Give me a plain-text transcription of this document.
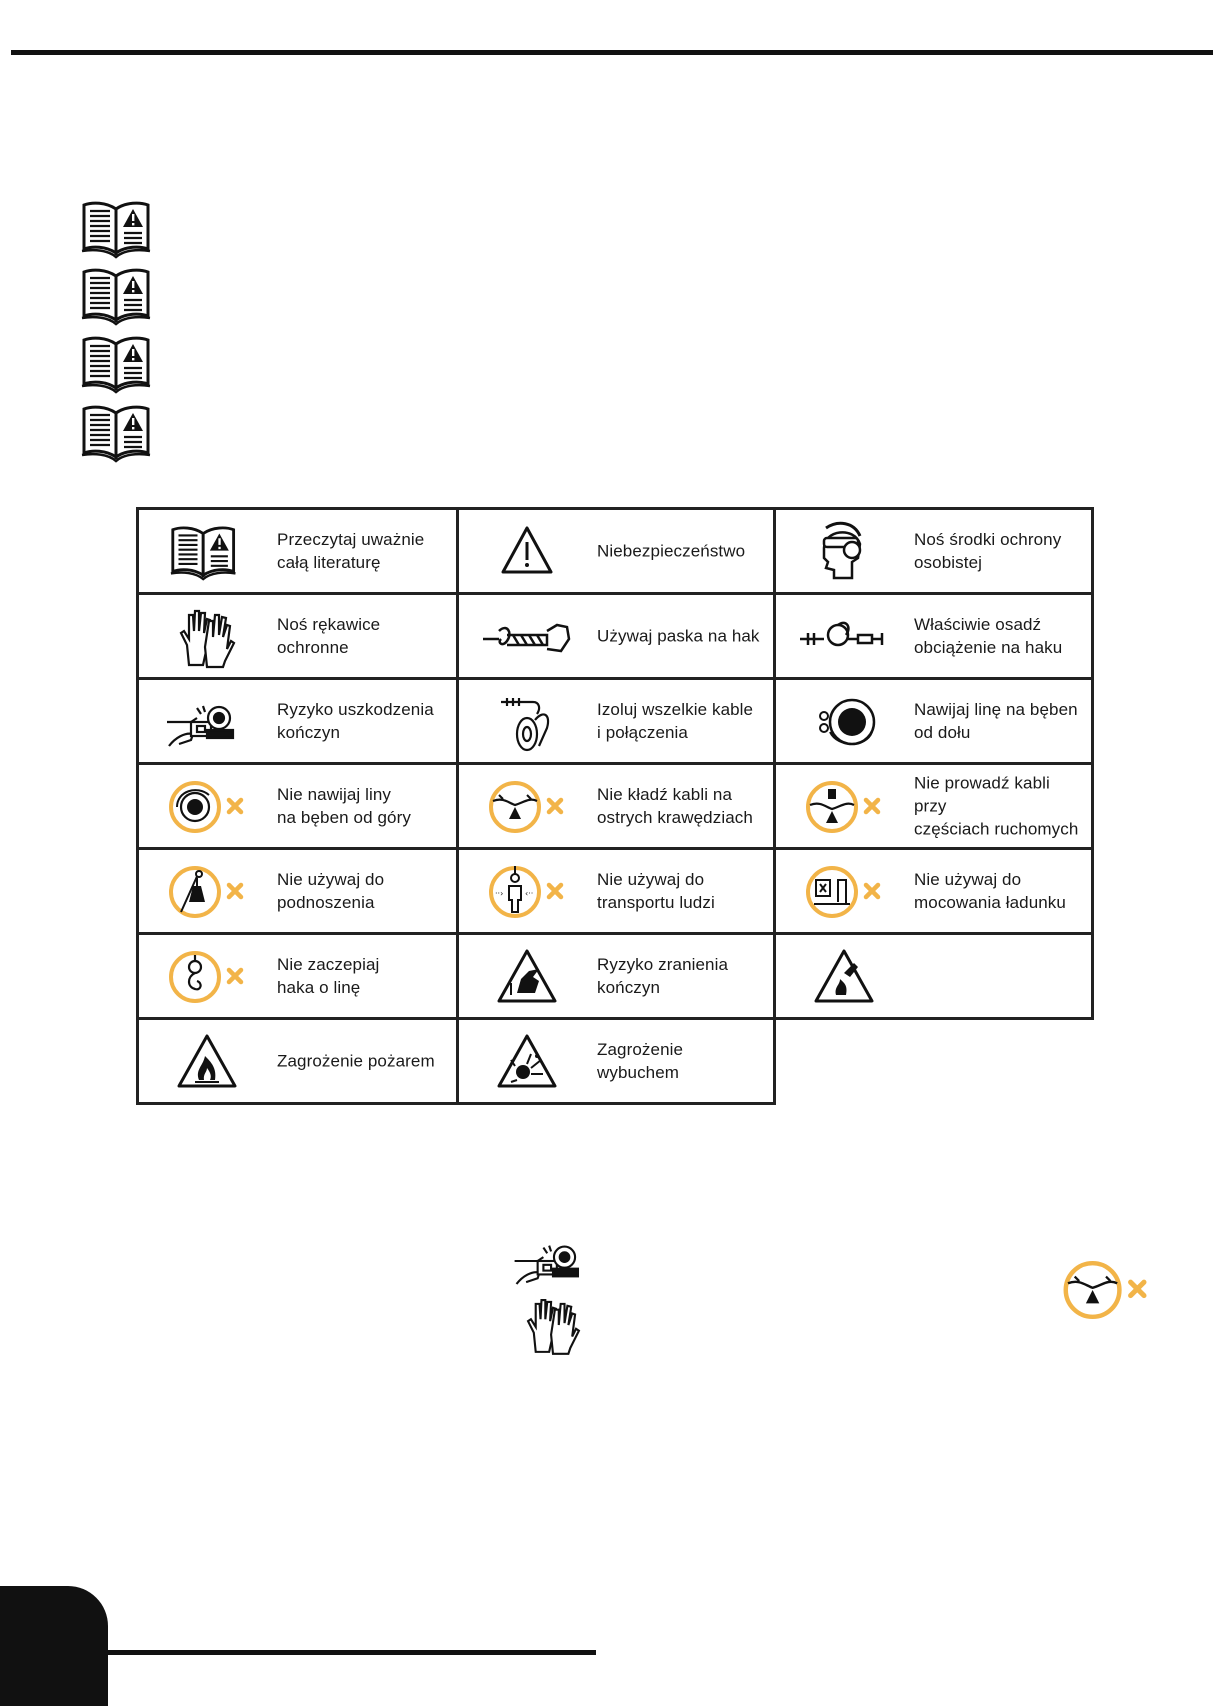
Przeczytaj uważnie
całą literaturę
Niebezpieczeństwo
Noś środki ochrony
osobistej
Noś rękawice ochronne
Używaj paska na hak
Właściwie osadź
obciążenie na haku
Ryzyko uszkodzenia
kończyn
Izoluj wszelkie kable
i połączenia
Nawijaj linę na bęben
od dołu
Nie nawijaj liny
na bęben od góry
Nie kładź kabli na
ostrych krawędziach
Nie prowadź kabli przy
częściach ruchomych
Nie używaj do
podnoszenia	··›	‹··
Nie używaj do
transportu ludzi
Nie używaj do
mocowania ładunku
Nie zaczepiaj
haka o linę
Ryzyko zranienia
kończyn
Zagrożenie pożarem
Zagrożenie wybuchem
